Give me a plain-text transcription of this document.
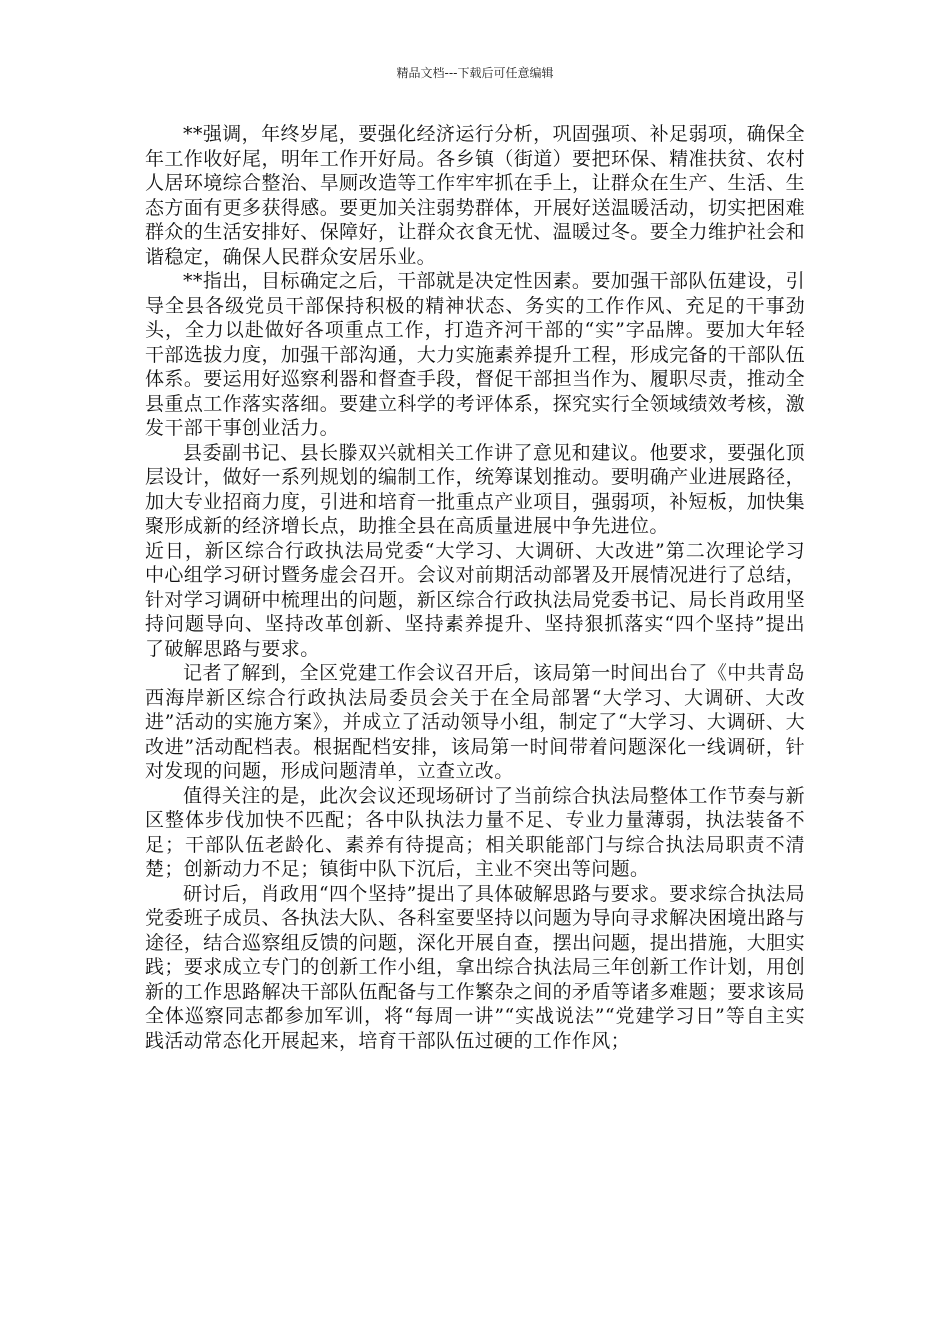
精品文档---下载后可任意编辑

**强调，年终岁尾，要强化经济运行分析，巩固强项、补足弱项，确保全年工作收好尾，明年工作开好局。各乡镇（街道）要把环保、精准扶贫、农村人居环境综合整治、旱厕改造等工作牢牢抓在手上，让群众在生产、生活、生态方面有更多获得感。要更加关注弱势群体，开展好送温暖活动，切实把困难群众的生活安排好、保障好，让群众衣食无忧、温暖过冬。要全力维护社会和谐稳定，确保人民群众安居乐业。

**指出，目标确定之后，干部就是决定性因素。要加强干部队伍建设，引导全县各级党员干部保持积极的精神状态、务实的工作作风、充足的干事劲头，全力以赴做好各项重点工作，打造齐河干部的“实”字品牌。要加大年轻干部选拔力度，加强干部沟通，大力实施素养提升工程，形成完备的干部队伍体系。要运用好巡察利器和督查手段，督促干部担当作为、履职尽责，推动全县重点工作落实落细。要建立科学的考评体系，探究实行全领域绩效考核，激发干部干事创业活力。

县委副书记、县长滕双兴就相关工作讲了意见和建议。他要求，要强化顶层设计，做好一系列规划的编制工作，统筹谋划推动。要明确产业进展路径，加大专业招商力度，引进和培育一批重点产业项目，强弱项，补短板，加快集聚形成新的经济增长点，助推全县在高质量进展中争先进位。

近日，新区综合行政执法局党委“大学习、大调研、大改进”第二次理论学习中心组学习研讨暨务虚会召开。会议对前期活动部署及开展情况进行了总结，针对学习调研中梳理出的问题，新区综合行政执法局党委书记、局长肖政用坚持问题导向、坚持改革创新、坚持素养提升、坚持狠抓落实“四个坚持”提出了破解思路与要求。

记者了解到，全区党建工作会议召开后，该局第一时间出台了《中共青岛西海岸新区综合行政执法局委员会关于在全局部署“大学习、大调研、大改进”活动的实施方案》，并成立了活动领导小组，制定了“大学习、大调研、大改进”活动配档表。根据配档安排，该局第一时间带着问题深化一线调研，针对发现的问题，形成问题清单，立查立改。

值得关注的是，此次会议还现场研讨了当前综合执法局整体工作节奏与新区整体步伐加快不匹配；各中队执法力量不足、专业力量薄弱，执法装备不足；干部队伍老龄化、素养有待提高；相关职能部门与综合执法局职责不清楚；创新动力不足；镇街中队下沉后，主业不突出等问题。

研讨后，肖政用“四个坚持”提出了具体破解思路与要求。要求综合执法局党委班子成员、各执法大队、各科室要坚持以问题为导向寻求解决困境出路与途径，结合巡察组反馈的问题，深化开展自查，摆出问题，提出措施，大胆实践；要求成立专门的创新工作小组，拿出综合执法局三年创新工作计划，用创新的工作思路解决干部队伍配备与工作繁杂之间的矛盾等诸多难题；要求该局全体巡察同志都参加军训，将“每周一讲”“实战说法”“党建学习日”等自主实践活动常态化开展起来，培育干部队伍过硬的工作作风；
